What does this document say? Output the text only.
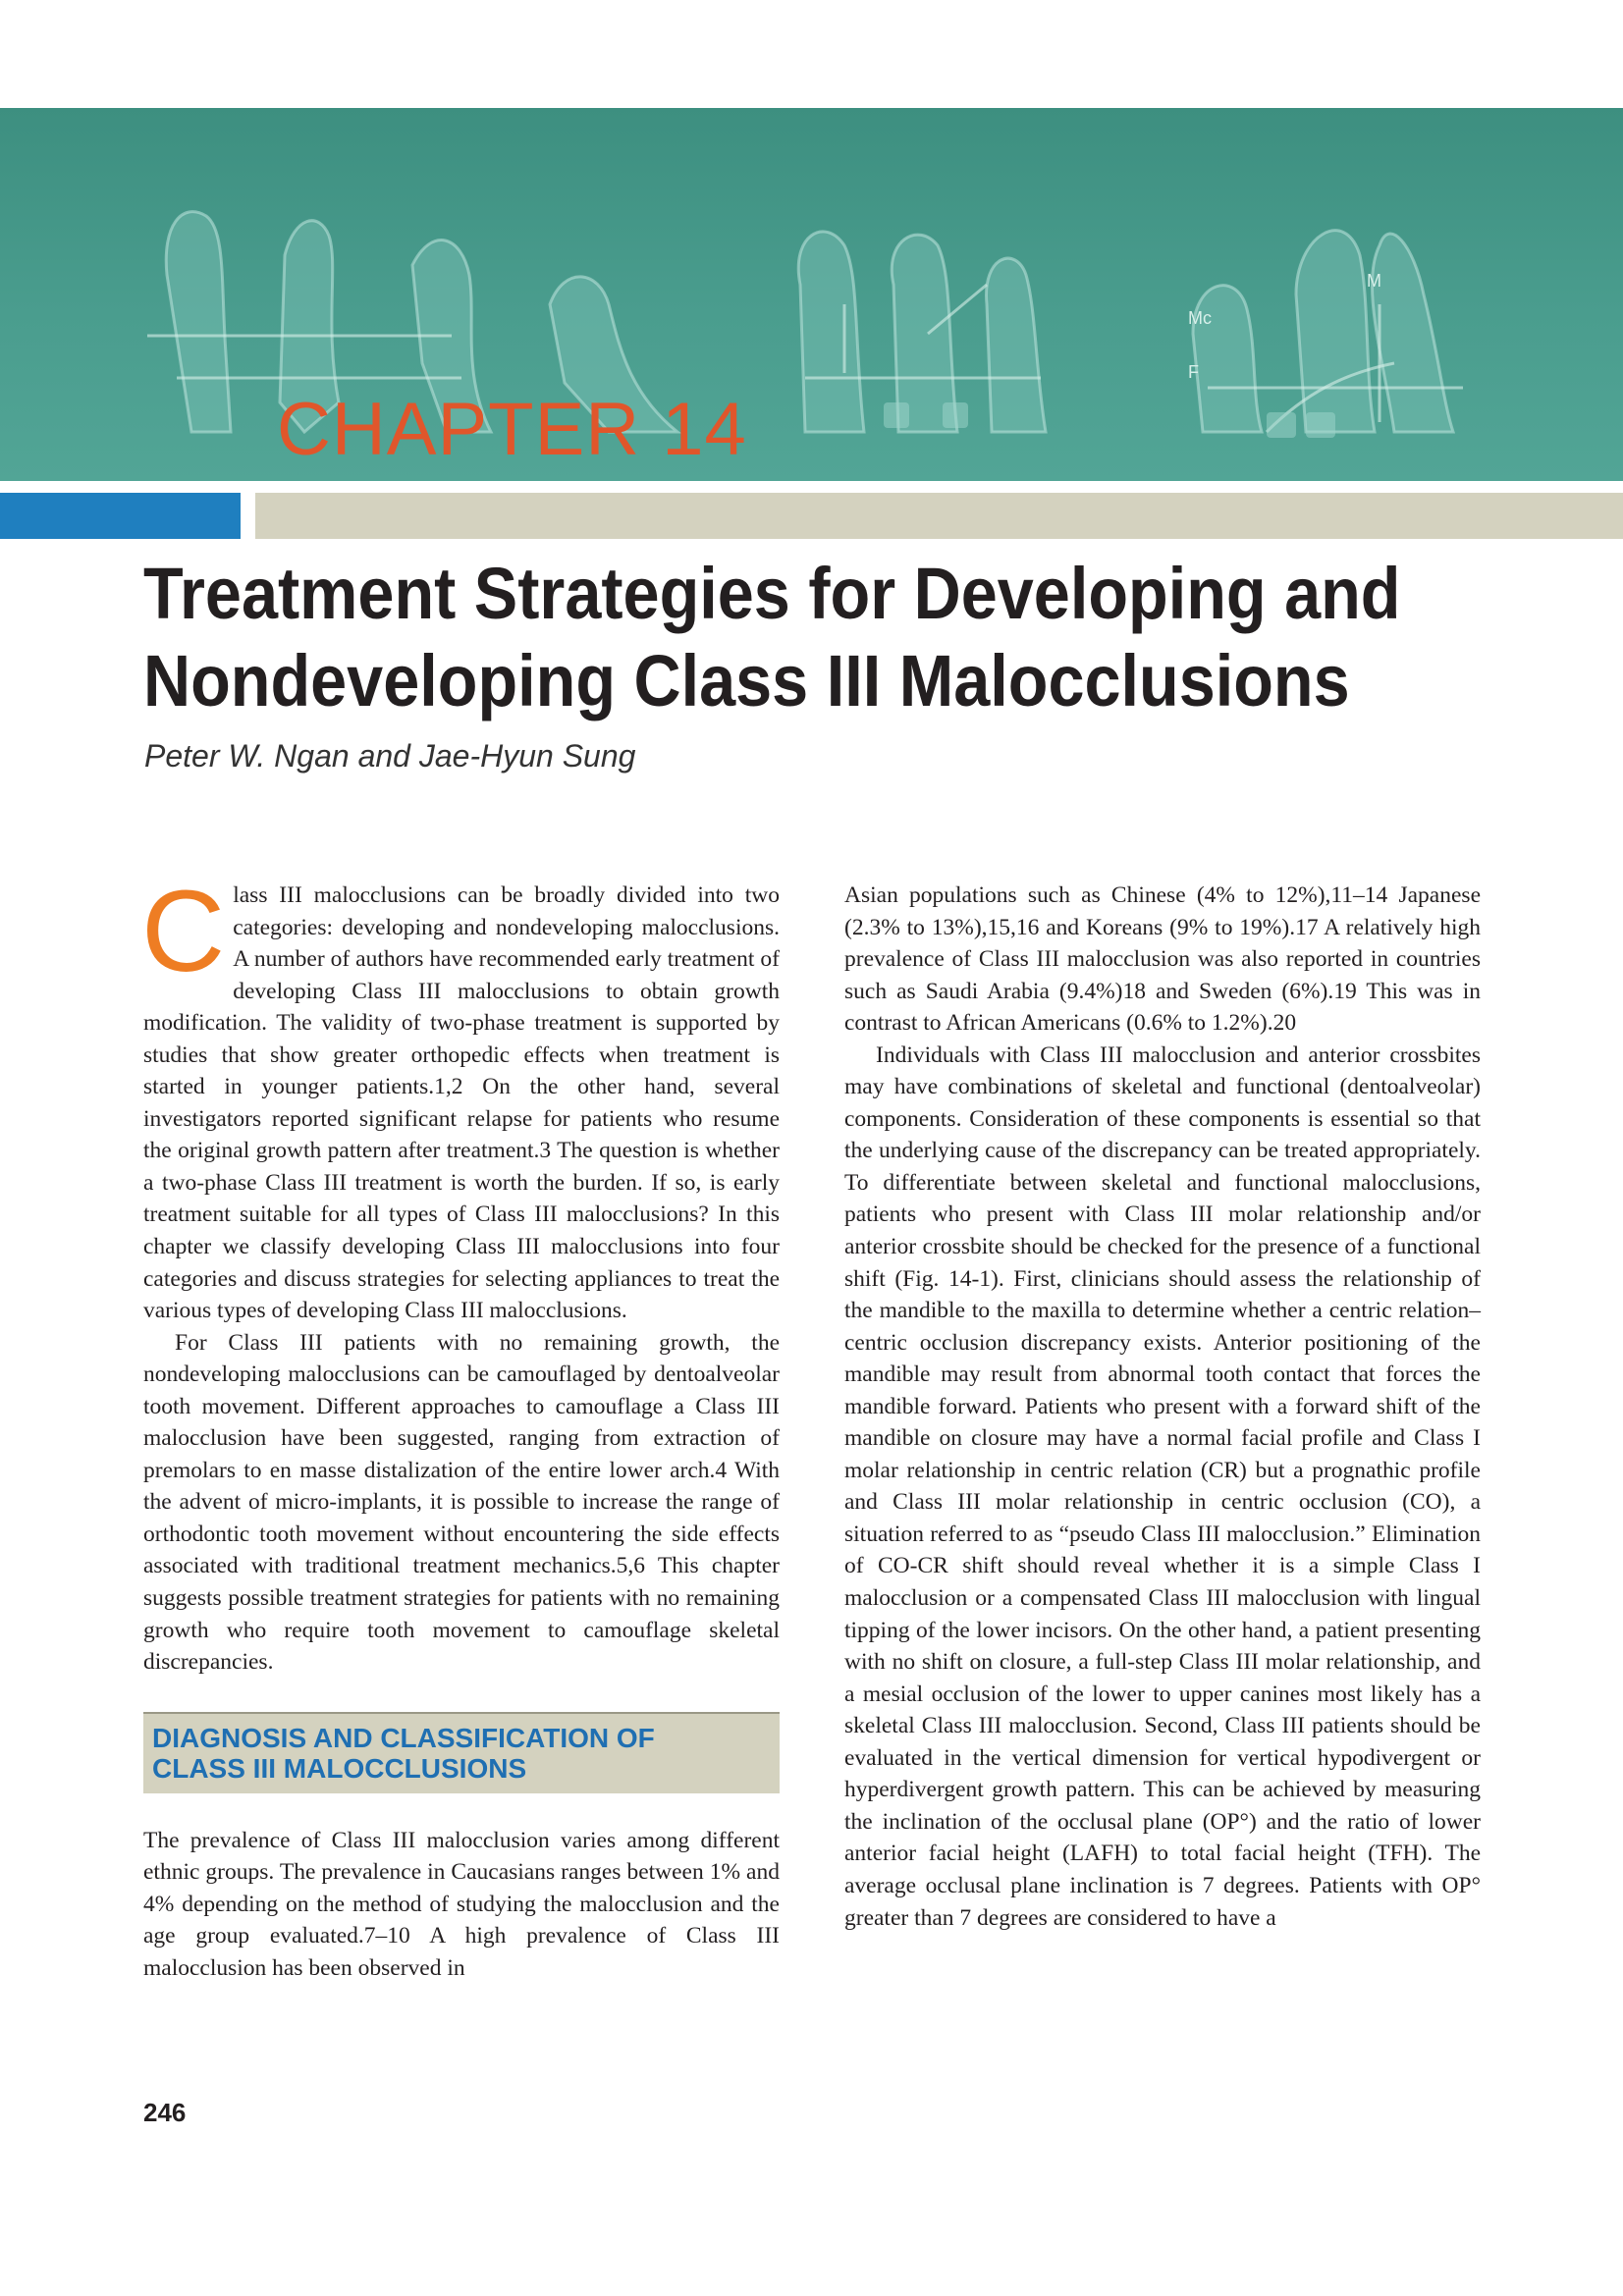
Mc
F
M
CHAPTER 14
Treatment Strategies for Developing and
Nondeveloping Class III Malocclusions
Peter W. Ngan and Jae-Hyun Sung

Class III malocclusions can be broadly divided into two categories: developing and nondeveloping malocclusions. A number of authors have recommended early treatment of developing Class III malocclusions to obtain growth modification. The validity of two-phase treatment is supported by studies that show greater orthopedic effects when treatment is started in younger patients.1,2 On the other hand, several investigators reported significant relapse for patients who resume the original growth pattern after treatment.3 The question is whether a two-phase Class III treatment is worth the burden. If so, is early treatment suitable for all types of Class III malocclusions? In this chapter we classify developing Class III malocclusions into four categories and discuss strategies for selecting appliances to treat the various types of developing Class III malocclusions.

For Class III patients with no remaining growth, the nondeveloping malocclusions can be camouflaged by dentoalveolar tooth movement. Different approaches to camouflage a Class III malocclusion have been suggested, ranging from extraction of premolars to en masse distalization of the entire lower arch.4 With the advent of micro-implants, it is possible to increase the range of orthodontic tooth movement without encountering the side effects associated with traditional treatment mechanics.5,6 This chapter suggests possible treatment strategies for patients with no remaining growth who require tooth movement to camouflage skeletal discrepancies.

DIAGNOSIS AND CLASSIFICATION OF
CLASS III MALOCCLUSIONS

The prevalence of Class III malocclusion varies among different ethnic groups. The prevalence in Caucasians ranges between 1% and 4% depending on the method of studying the malocclusion and the age group evaluated.7–10 A high prevalence of Class III malocclusion has been observed in

Asian populations such as Chinese (4% to 12%),11–14 Japanese (2.3% to 13%),15,16 and Koreans (9% to 19%).17 A relatively high prevalence of Class III malocclusion was also reported in countries such as Saudi Arabia (9.4%)18 and Sweden (6%).19 This was in contrast to African Americans (0.6% to 1.2%).20

Individuals with Class III malocclusion and anterior crossbites may have combinations of skeletal and functional (dentoalveolar) components. Consideration of these components is essential so that the underlying cause of the discrepancy can be treated appropriately. To differentiate between skeletal and functional malocclusions, patients who present with Class III molar relationship and/or anterior crossbite should be checked for the presence of a functional shift (Fig. 14-1). First, clinicians should assess the relationship of the mandible to the maxilla to determine whether a centric relation–centric occlusion discrepancy exists. Anterior positioning of the mandible may result from abnormal tooth contact that forces the mandible forward. Patients who present with a forward shift of the mandible on closure may have a normal facial profile and Class I molar relationship in centric relation (CR) but a prognathic profile and Class III molar relationship in centric occlusion (CO), a situation referred to as “pseudo Class III malocclusion.” Elimination of CO-CR shift should reveal whether it is a simple Class I malocclusion or a compensated Class III malocclusion with lingual tipping of the lower incisors. On the other hand, a patient presenting with no shift on closure, a full-step Class III molar relationship, and a mesial occlusion of the lower to upper canines most likely has a skeletal Class III malocclusion. Second, Class III patients should be evaluated in the vertical dimension for vertical hypodivergent or hyperdivergent growth pattern. This can be achieved by measuring the inclination of the occlusal plane (OP°) and the ratio of lower anterior facial height (LAFH) to total facial height (TFH). The average occlusal plane inclination is 7 degrees. Patients with OP° greater than 7 degrees are considered to have a

246
